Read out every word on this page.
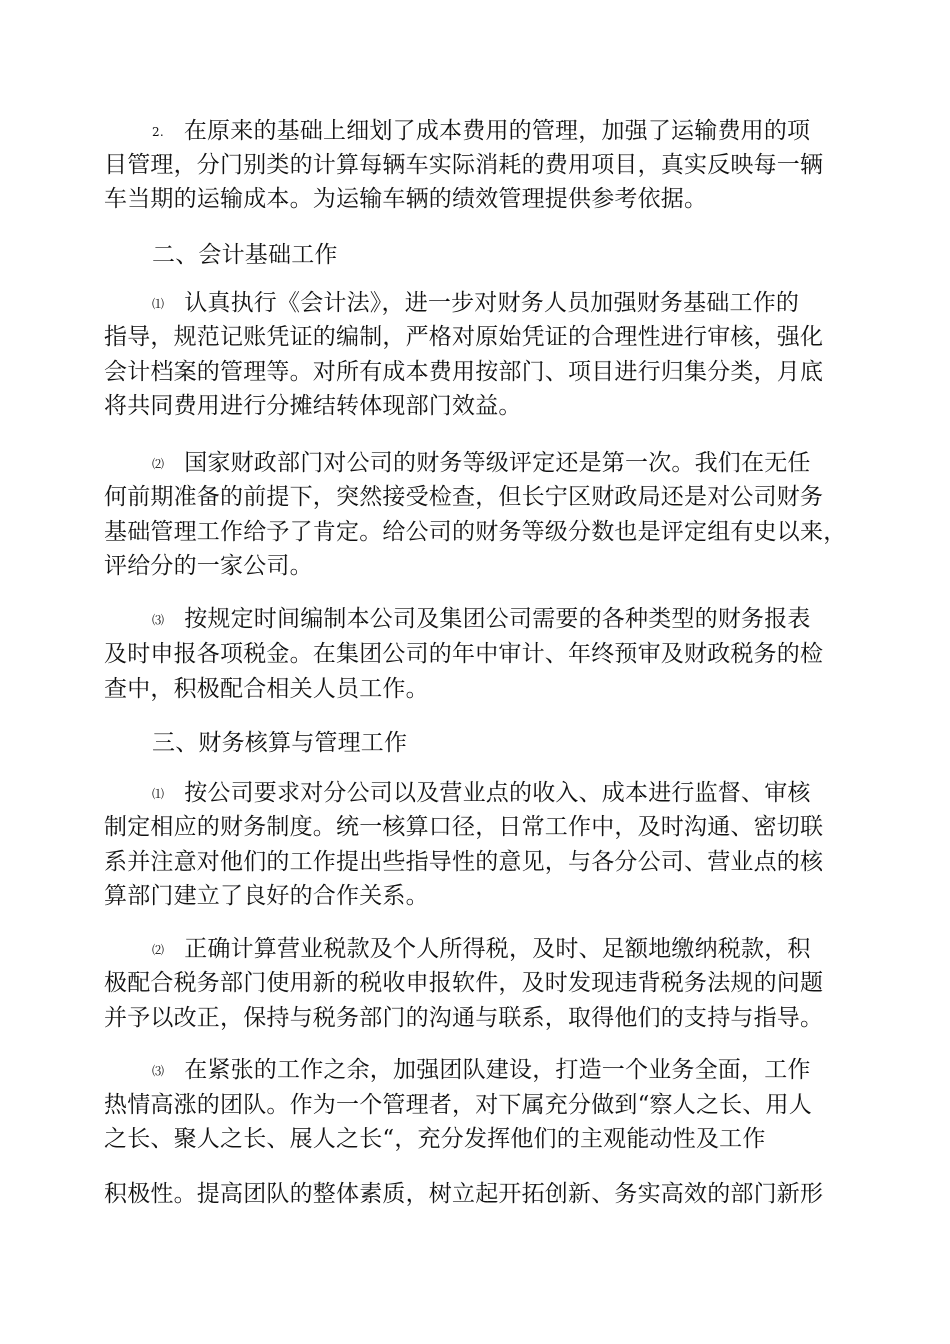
2. 在原来的基础上细划了成本费用的管理，加强了运输费用的项
目管理，分门别类的计算每辆车实际消耗的费用项目，真实反映每一辆
车当期的运输成本。为运输车辆的绩效管理提供参考依据。
二、会计基础工作
⑴ 认真执行《会计法》，进一步对财务人员加强财务基础工作的
指导，规范记账凭证的编制，严格对原始凭证的合理性进行审核，强化
会计档案的管理等。对所有成本费用按部门、项目进行归集分类，月底
将共同费用进行分摊结转体现部门效益。
⑵ 国家财政部门对公司的财务等级评定还是第一次。我们在无任
何前期准备的前提下，突然接受检查，但长宁区财政局还是对公司财务
基础管理工作给予了肯定。给公司的财务等级分数也是评定组有史以来，
评给分的一家公司。
⑶ 按规定时间编制本公司及集团公司需要的各种类型的财务报表
及时申报各项税金。在集团公司的年中审计、年终预审及财政税务的检
查中，积极配合相关人员工作。
三、财务核算与管理工作
⑴ 按公司要求对分公司以及营业点的收入、成本进行监督、审核
制定相应的财务制度。统一核算口径，日常工作中，及时沟通、密切联
系并注意对他们的工作提出些指导性的意见，与各分公司、营业点的核
算部门建立了良好的合作关系。
⑵ 正确计算营业税款及个人所得税，及时、足额地缴纳税款，积
极配合税务部门使用新的税收申报软件，及时发现违背税务法规的问题
并予以改正，保持与税务部门的沟通与联系，取得他们的支持与指导。
⑶ 在紧张的工作之余，加强团队建设，打造一个业务全面，工作
热情高涨的团队。作为一个管理者，对下属充分做到“察人之长、用人
之长、聚人之长、展人之长“，充分发挥他们的主观能动性及工作
积极性。提高团队的整体素质，树立起开拓创新、务实高效的部门新形
